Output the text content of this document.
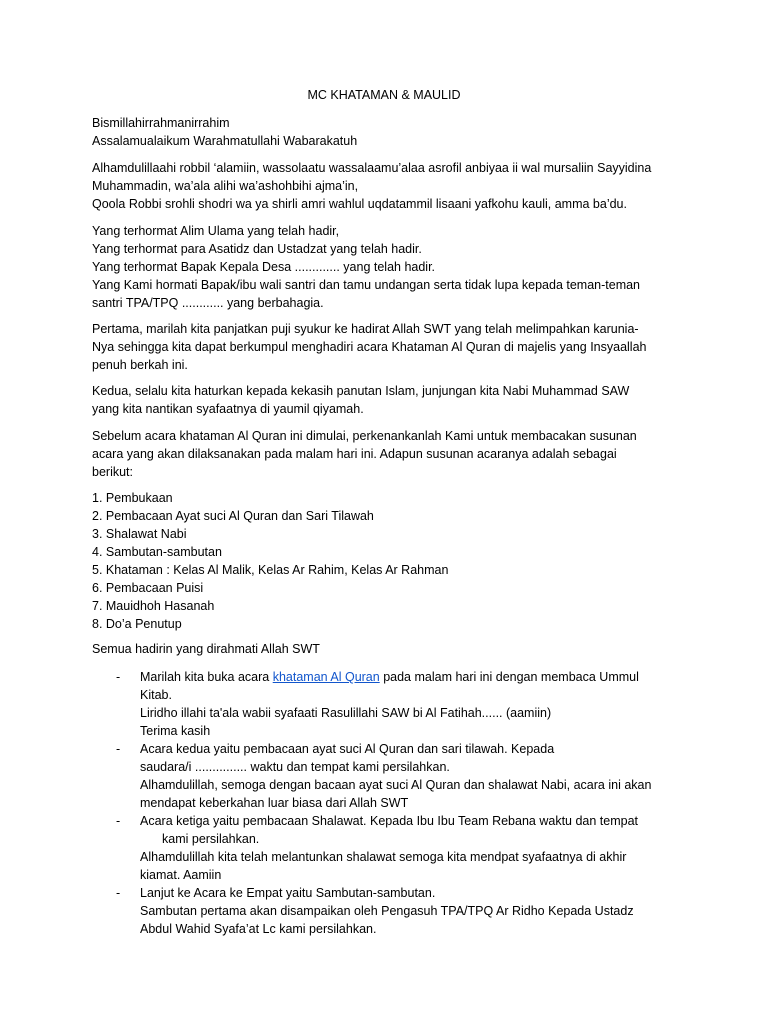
MC KHATAMAN & MAULID
Bismillahirrahmanirrahim
Assalamualaikum Warahmatullahi Wabarakatuh
Alhamdulillaahi robbil ‘alamiin, wassolaatu wassalaamu’alaa asrofil anbiyaa ii wal mursaliin Sayyidina
Muhammadin, wa’ala alihi wa’ashohbihi ajma’in,
Qoola Robbi srohli shodri wa ya shirli amri wahlul uqdatammil lisaani yafkohu kauli, amma ba’du.
Yang terhormat Alim Ulama yang telah hadir,
Yang terhormat para Asatidz dan Ustadzat yang telah hadir.
Yang terhormat Bapak Kepala Desa ............. yang telah hadir.
Yang Kami hormati Bapak/ibu wali santri dan tamu undangan serta tidak lupa kepada teman-teman
santri TPA/TPQ ............ yang berbahagia.
Pertama, marilah kita panjatkan puji syukur ke hadirat Allah SWT yang telah melimpahkan karunia-
Nya sehingga kita dapat berkumpul menghadiri acara Khataman Al Quran di majelis yang Insyaallah
penuh berkah ini.
Kedua, selalu kita haturkan kepada kekasih panutan Islam, junjungan kita Nabi Muhammad SAW
yang kita nantikan syafaatnya di yaumil qiyamah.
Sebelum acara khataman Al Quran ini dimulai, perkenankanlah Kami untuk membacakan susunan
acara yang akan dilaksanakan pada malam hari ini. Adapun susunan acaranya adalah sebagai
berikut:
1. Pembukaan
2. Pembacaan Ayat suci Al Quran dan Sari Tilawah
3. Shalawat Nabi
4. Sambutan-sambutan
5. Khataman : Kelas Al Malik, Kelas Ar Rahim, Kelas Ar Rahman
6. Pembacaan Puisi
7. Mauidhoh Hasanah
8. Do’a Penutup
Semua hadirin yang dirahmati Allah SWT
- Marilah kita buka acara khataman Al Quran pada malam hari ini dengan membaca Ummul
Kitab.
Liridho illahi ta'ala wabii syafaati Rasulillahi SAW bi Al Fatihah...... (aamiin)
Terima kasih
- Acara kedua yaitu pembacaan ayat suci Al Quran dan sari tilawah. Kepada
saudara/i ............... waktu dan tempat kami persilahkan.
Alhamdulillah, semoga dengan bacaan ayat suci Al Quran dan shalawat Nabi, acara ini akan
mendapat keberkahan luar biasa dari Allah SWT
- Acara ketiga yaitu pembacaan Shalawat. Kepada Ibu Ibu Team Rebana waktu dan tempat
kami persilahkan.
Alhamdulillah kita telah melantunkan shalawat semoga kita mendpat syafaatnya di akhir
kiamat. Aamiin
- Lanjut ke Acara ke Empat yaitu Sambutan-sambutan.
Sambutan pertama akan disampaikan oleh Pengasuh TPA/TPQ Ar Ridho Kepada Ustadz
Abdul Wahid Syafa’at Lc kami persilahkan.
